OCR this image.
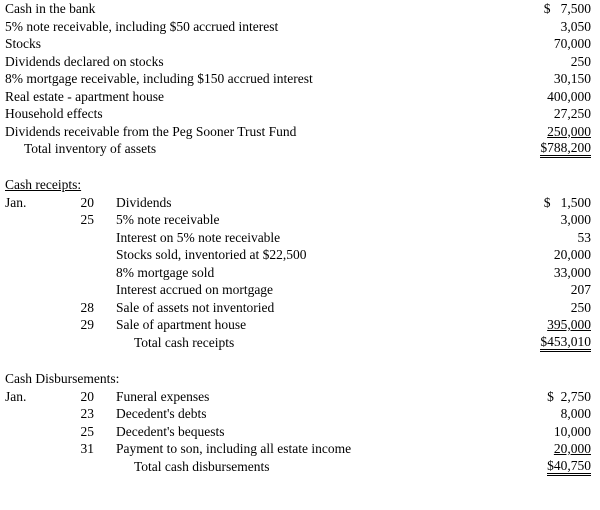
Cash in the bank	$   7,500
5% note receivable, including $50 accrued interest	3,050
Stocks	70,000
Dividends declared on stocks	250
8% mortgage receivable, including $150 accrued interest	30,150
Real estate - apartment house	400,000
Household effects	27,250
Dividends receivable from the Peg Sooner Trust Fund	250,000
Total inventory of assets	$788,200
Cash receipts:
Jan.	20 Dividends	$   1,500
25 5% note receivable	3,000
Interest on 5% note receivable	53
Stocks sold, inventoried at $22,500	20,000
8% mortgage sold	33,000
Interest accrued on mortgage	207
28 Sale of assets not inventoried	250
29 Sale of apartment house	395,000
Total cash receipts	$453,010
Cash Disbursements:
Jan.	20 Funeral expenses	$  2,750
23 Decedent's debts	8,000
25 Decedent's bequests	10,000
31 Payment to son, including all estate income	20,000
Total cash disbursements	$40,750
